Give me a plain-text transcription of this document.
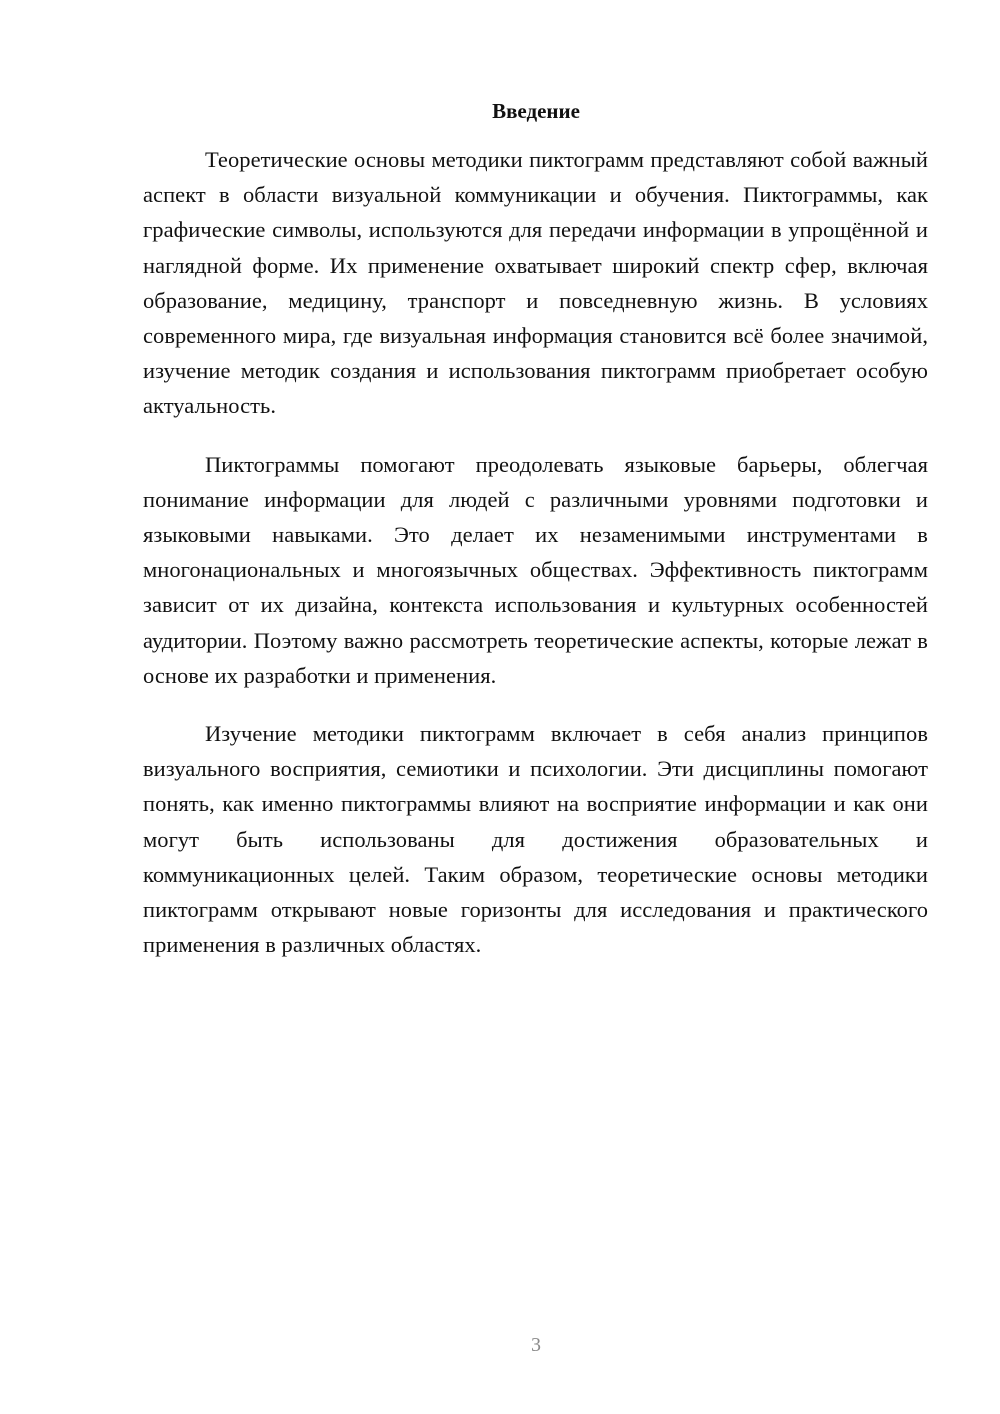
Введение

Теоретические основы методики пиктограмм представляют собой важный аспект в области визуальной коммуникации и обучения. Пиктограммы, как графические символы, используются для передачи информации в упрощённой и наглядной форме. Их применение охватывает широкий спектр сфер, включая образование, медицину, транспорт и повседневную жизнь. В условиях современного мира, где визуальная информация становится всё более значимой, изучение методик создания и использования пиктограмм приобретает особую актуальность.

Пиктограммы помогают преодолевать языковые барьеры, облегчая понимание информации для людей с различными уровнями подготовки и языковыми навыками. Это делает их незаменимыми инструментами в многонациональных и многоязычных обществах. Эффективность пиктограмм зависит от их дизайна, контекста использования и культурных особенностей аудитории. Поэтому важно рассмотреть теоретические аспекты, которые лежат в основе их разработки и применения.

Изучение методики пиктограмм включает в себя анализ принципов визуального восприятия, семиотики и психологии. Эти дисциплины помогают понять, как именно пиктограммы влияют на восприятие информации и как они могут быть использованы для достижения образовательных и коммуникационных целей. Таким образом, теоретические основы методики пиктограмм открывают новые горизонты для исследования и практического применения в различных областях.

3
